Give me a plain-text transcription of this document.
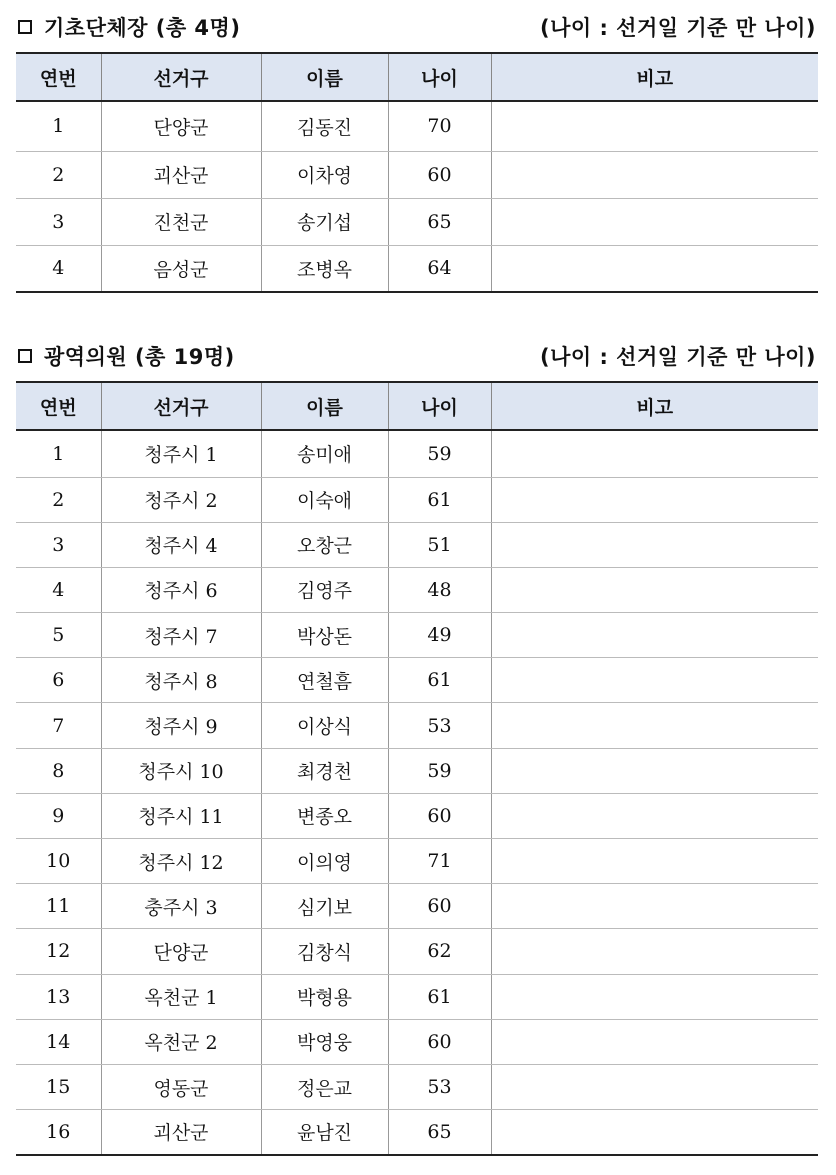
기초단체장 (총 4명)	(나이 : 선거일 기준 만 나이)
연번	선거구	이름	나이	비고
1	단양군	김동진	70	
2	괴산군	이차영	60	
3	진천군	송기섭	65	
4	음성군	조병옥	64	
광역의원 (총 19명)	(나이 : 선거일 기준 만 나이)
연번	선거구	이름	나이	비고
1	청주시 1	송미애	59	
2	청주시 2	이숙애	61	
3	청주시 4	오창근	51	
4	청주시 6	김영주	48	
5	청주시 7	박상돈	49	
6	청주시 8	연철흠	61	
7	청주시 9	이상식	53	
8	청주시 10	최경천	59	
9	청주시 11	변종오	60	
10	청주시 12	이의영	71	
11	충주시 3	심기보	60	
12	단양군	김창식	62	
13	옥천군 1	박형용	61	
14	옥천군 2	박영웅	60	
15	영동군	정은교	53	
16	괴산군	윤남진	65	
